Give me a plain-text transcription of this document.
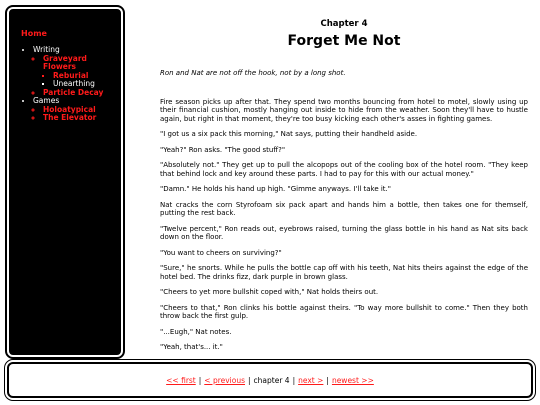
Home
• Writing
◦ Graveyard Flowers
▪ Reburial
▪ Unearthing
◦ Particle Decay
• Games
◦ Holoatypical
◦ The Elevator
Chapter 4
Forget Me Not
Ron and Nat are not off the hook, not by a long shot.

Fire season picks up after that. They spend two months bouncing from hotel to motel, slowly using up their financial cushion, mostly hanging out inside to hide from the weather. Soon they'll have to hustle again, but right in that moment, they're too busy kicking each other's asses in fighting games.

"I got us a six pack this morning," Nat says, putting their handheld aside.

"Yeah?" Ron asks. "The good stuff?"

"Absolutely not." They get up to pull the alcopops out of the cooling box of the hotel room. "They keep that behind lock and key around these parts. I had to pay for this with our actual money."

"Damn." He holds his hand up high. "Gimme anyways. I'll take it."

Nat cracks the corn Styrofoam six pack apart and hands him a bottle, then takes one for themself, putting the rest back.

"Twelve percent," Ron reads out, eyebrows raised, turning the glass bottle in his hand as Nat sits back down on the floor.

"You want to cheers on surviving?"

"Sure," he snorts. While he pulls the bottle cap off with his teeth, Nat hits theirs against the edge of the hotel bed. The drinks fizz, dark purple in brown glass.

"Cheers to yet more bullshit coped with," Nat holds theirs out.

"Cheers to that," Ron clinks his bottle against theirs. "To way more bullshit to come." Then they both throw back the first gulp.

"...Eugh," Nat notes.

"Yeah, that's... it."

<< first | < previous | chapter 4 | next > | newest >>
